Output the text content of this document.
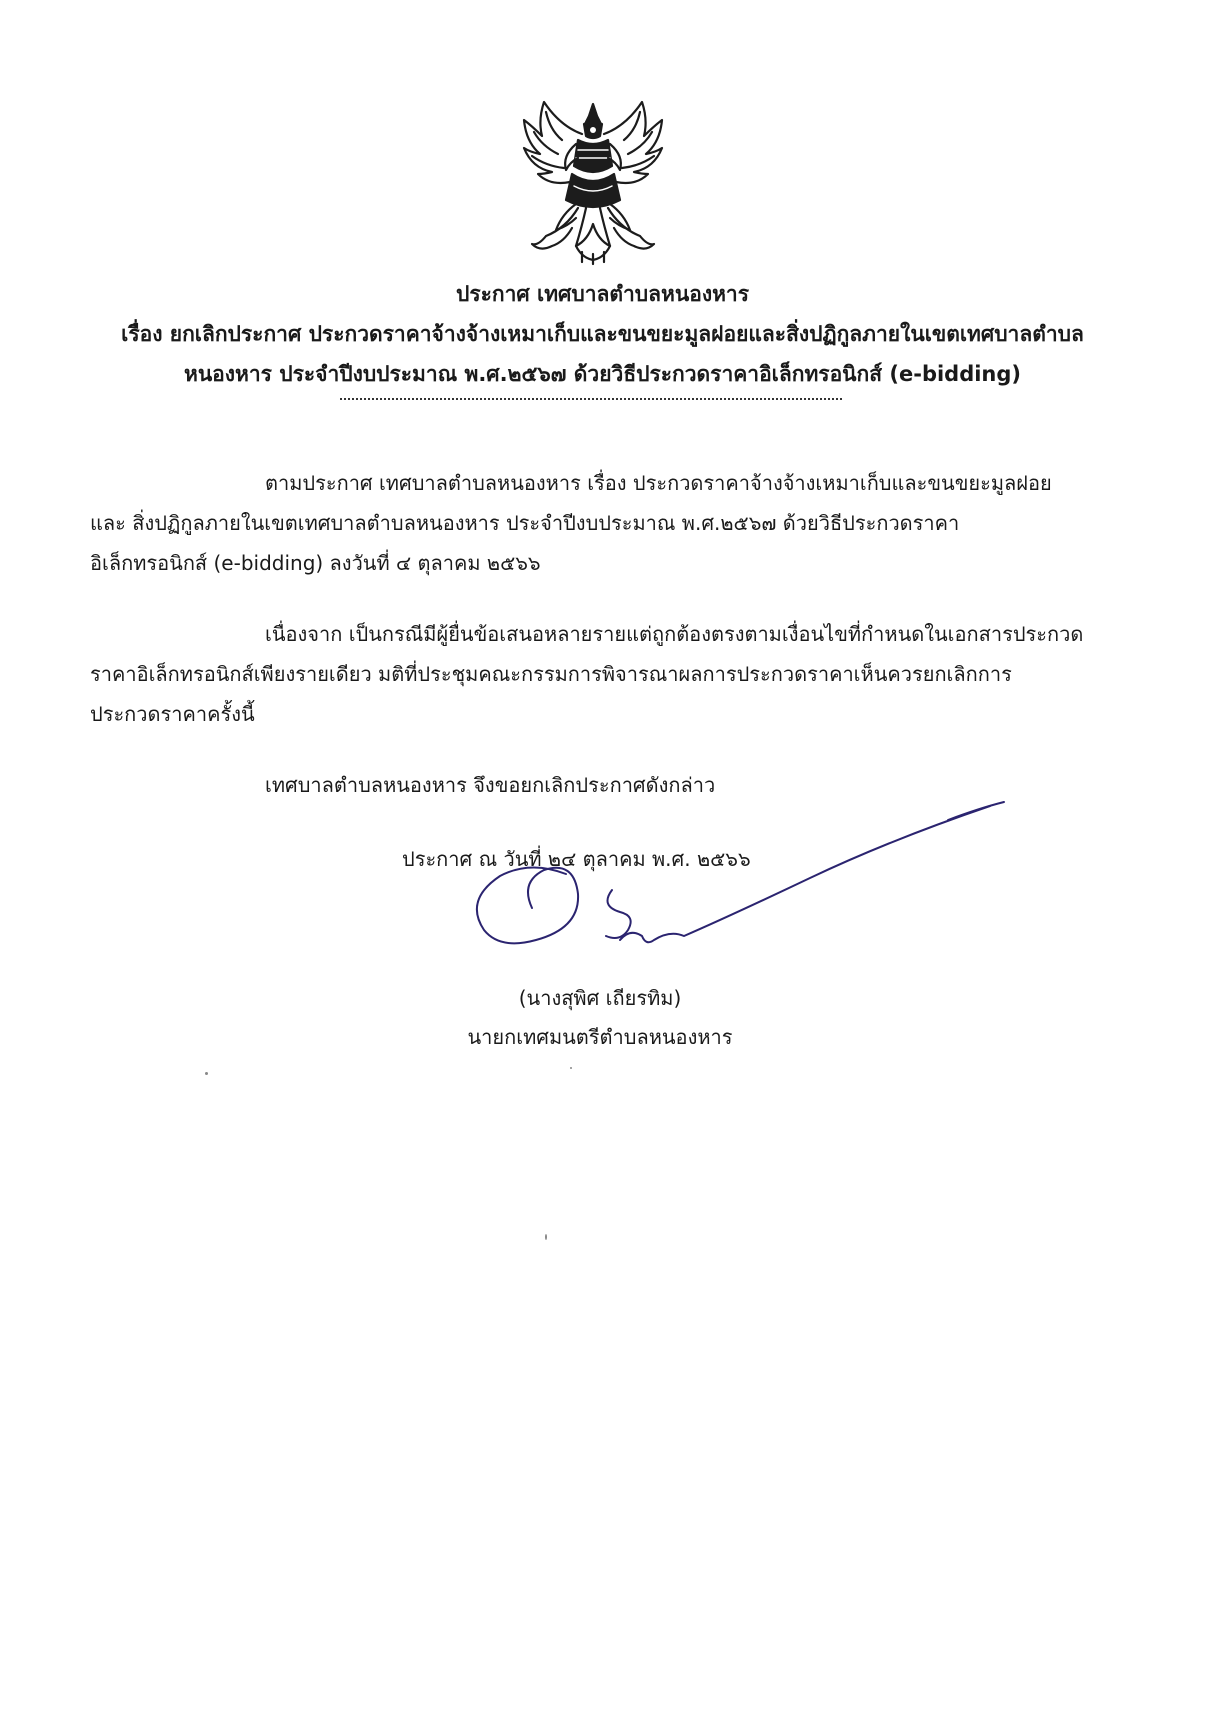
ประกาศ เทศบาลตำบลหนองหาร
เรื่อง ยกเลิกประกาศ ประกวดราคาจ้างจ้างเหมาเก็บและขนขยะมูลฝอยและสิ่งปฏิกูลภายในเขตเทศบาลตำบล
หนองหาร ประจำปีงบประมาณ พ.ศ.๒๕๖๗ ด้วยวิธีประกวดราคาอิเล็กทรอนิกส์ (e-bidding)
ตามประกาศ เทศบาลตำบลหนองหาร เรื่อง ประกวดราคาจ้างจ้างเหมาเก็บและขนขยะมูลฝอย
และ สิ่งปฏิกูลภายในเขตเทศบาลตำบลหนองหาร ประจำปีงบประมาณ พ.ศ.๒๕๖๗ ด้วยวิธีประกวดราคา
อิเล็กทรอนิกส์ (e-bidding) ลงวันที่ ๔ ตุลาคม ๒๕๖๖
เนื่องจาก เป็นกรณีมีผู้ยื่นข้อเสนอหลายรายแต่ถูกต้องตรงตามเงื่อนไขที่กำหนดในเอกสารประกวด
ราคาอิเล็กทรอนิกส์เพียงรายเดียว มติที่ประชุมคณะกรรมการพิจารณาผลการประกวดราคาเห็นควรยกเลิกการ
ประกวดราคาครั้งนี้
เทศบาลตำบลหนองหาร จึงขอยกเลิกประกาศดังกล่าว
ประกาศ ณ วันที่ ๒๔ ตุลาคม พ.ศ. ๒๕๖๖
(นางสุพิศ เถียรทิม)
นายกเทศมนตรีตำบลหนองหาร
